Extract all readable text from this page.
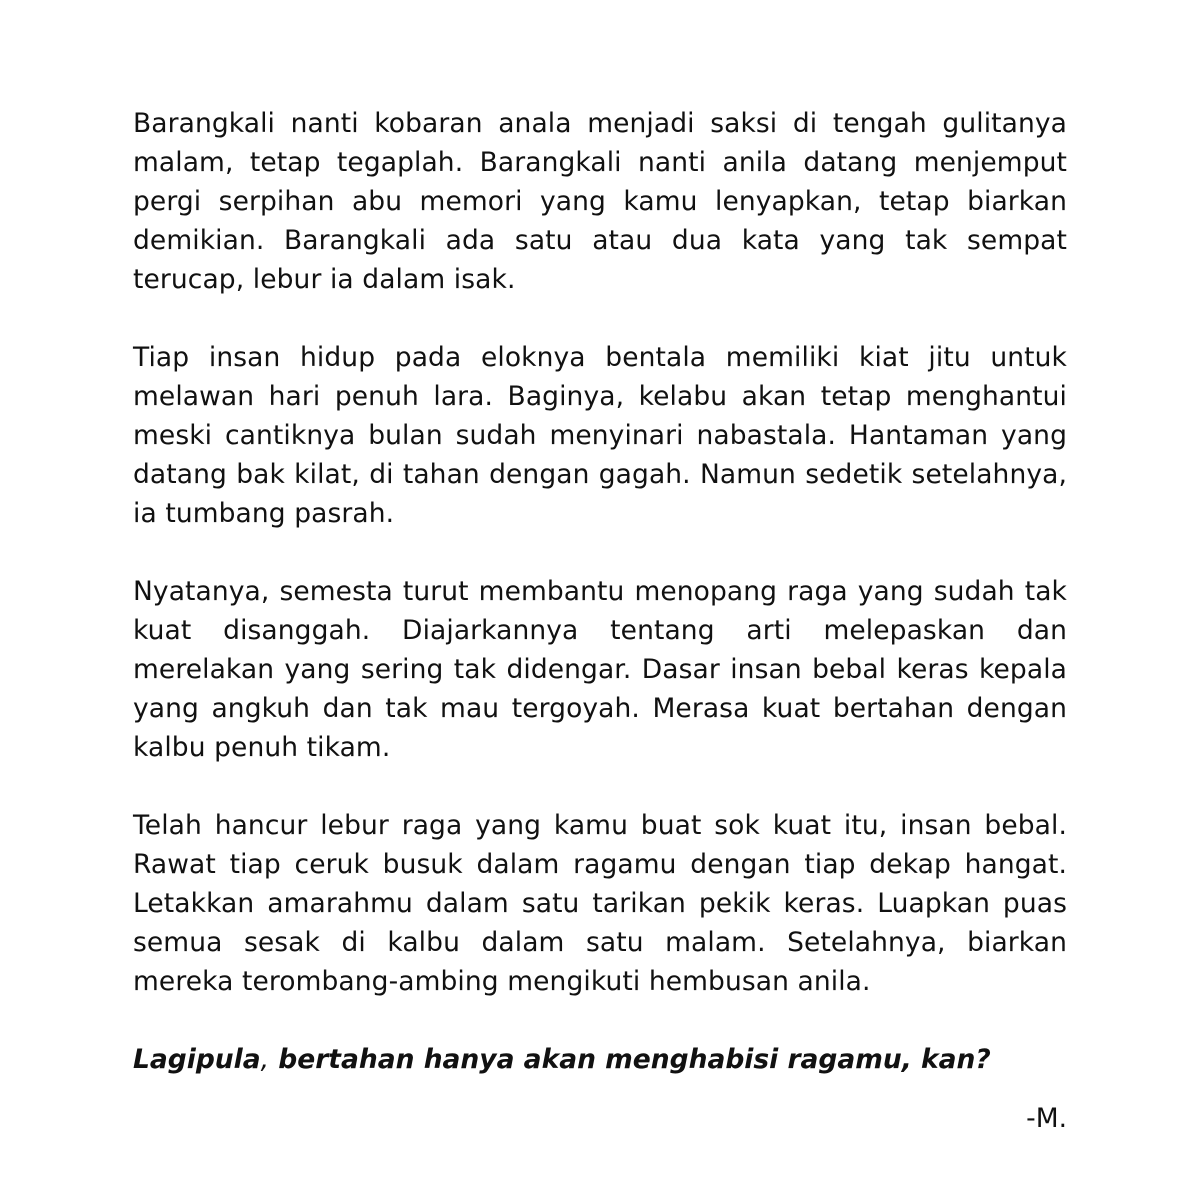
Barangkali nanti kobaran anala menjadi saksi di tengah gulitanya malam, tetap tegaplah. Barangkali nanti anila datang menjemput pergi serpihan abu memori yang kamu lenyapkan, tetap biarkan demikian. Barangkali ada satu atau dua kata yang tak sempat terucap, lebur ia dalam isak.

Tiap insan hidup pada eloknya bentala memiliki kiat jitu untuk melawan hari penuh lara. Baginya, kelabu akan tetap menghantui meski cantiknya bulan sudah menyinari nabastala. Hantaman yang datang bak kilat, di tahan dengan gagah. Namun sedetik setelahnya, ia tumbang pasrah.

Nyatanya, semesta turut membantu menopang raga yang sudah tak kuat disanggah. Diajarkannya tentang arti melepaskan dan merelakan yang sering tak didengar. Dasar insan bebal keras kepala yang angkuh dan tak mau tergoyah. Merasa kuat bertahan dengan kalbu penuh tikam.

Telah hancur lebur raga yang kamu buat sok kuat itu, insan bebal. Rawat tiap ceruk busuk dalam ragamu dengan tiap dekap hangat. Letakkan amarahmu dalam satu tarikan pekik keras. Luapkan puas semua sesak di kalbu dalam satu malam. Setelahnya, biarkan mereka terombang-ambing mengikuti hembusan anila.

Lagipula, bertahan hanya akan menghabisi ragamu, kan?

-M.
